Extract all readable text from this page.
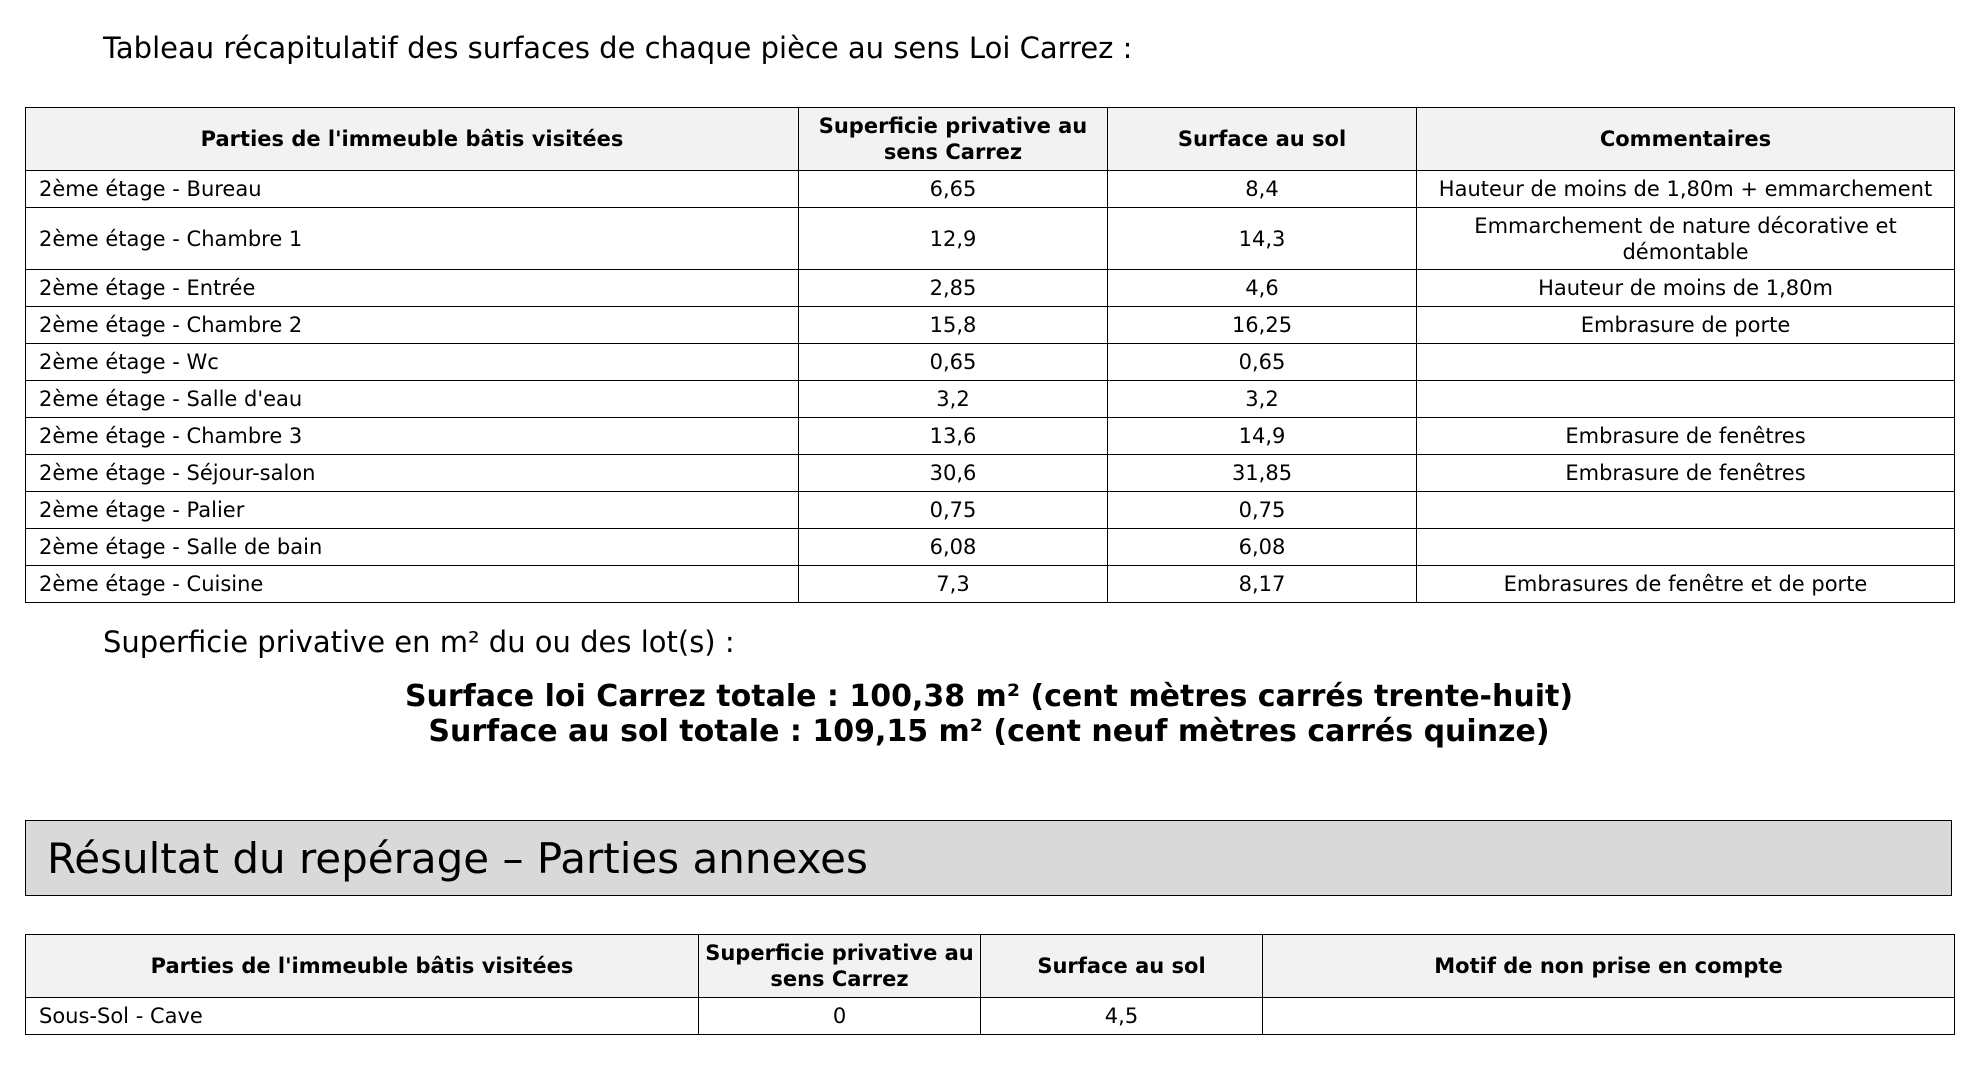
Tableau récapitulatif des surfaces de chaque pièce au sens Loi Carrez :
Parties de l'immeuble bâtis visitées	Superficie privative au sens Carrez	Surface au sol	Commentaires
2ème étage - Bureau	6,65	8,4	Hauteur de moins de 1,80m + emmarchement
2ème étage - Chambre 1	12,9	14,3	Emmarchement de nature décorative et démontable
2ème étage - Entrée	2,85	4,6	Hauteur de moins de 1,80m
2ème étage - Chambre 2	15,8	16,25	Embrasure de porte
2ème étage - Wc	0,65	0,65	
2ème étage - Salle d'eau	3,2	3,2	
2ème étage - Chambre 3	13,6	14,9	Embrasure de fenêtres
2ème étage - Séjour-salon	30,6	31,85	Embrasure de fenêtres
2ème étage - Palier	0,75	0,75	
2ème étage - Salle de bain	6,08	6,08	
2ème étage - Cuisine	7,3	8,17	Embrasures de fenêtre et de porte
Superficie privative en m² du ou des lot(s) :
Surface loi Carrez totale : 100,38 m² (cent mètres carrés trente-huit)
Surface au sol totale : 109,15 m² (cent neuf mètres carrés quinze)
Résultat du repérage – Parties annexes
Parties de l'immeuble bâtis visitées	Superficie privative au sens Carrez	Surface au sol	Motif de non prise en compte
Sous-Sol - Cave	0	4,5	
